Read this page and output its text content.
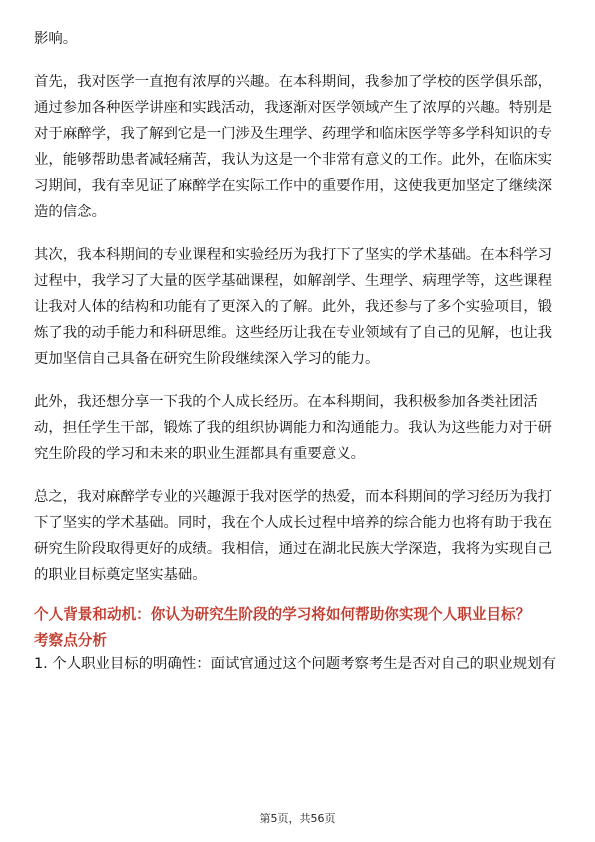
影响。

首先，我对医学一直抱有浓厚的兴趣。在本科期间，我参加了学校的医学俱乐部，通过参加各种医学讲座和实践活动，我逐渐对医学领域产生了浓厚的兴趣。特别是对于麻醉学，我了解到它是一门涉及生理学、药理学和临床医学等多学科知识的专业，能够帮助患者减轻痛苦，我认为这是一个非常有意义的工作。此外，在临床实习期间，我有幸见证了麻醉学在实际工作中的重要作用，这使我更加坚定了继续深造的信念。

其次，我本科期间的专业课程和实验经历为我打下了坚实的学术基础。在本科学习过程中，我学习了大量的医学基础课程，如解剖学、生理学、病理学等，这些课程让我对人体的结构和功能有了更深入的了解。此外，我还参与了多个实验项目，锻炼了我的动手能力和科研思维。这些经历让我在专业领域有了自己的见解，也让我更加坚信自己具备在研究生阶段继续深入学习的能力。

此外，我还想分享一下我的个人成长经历。在本科期间，我积极参加各类社团活动，担任学生干部，锻炼了我的组织协调能力和沟通能力。我认为这些能力对于研究生阶段的学习和未来的职业生涯都具有重要意义。

总之，我对麻醉学专业的兴趣源于我对医学的热爱，而本科期间的学习经历为我打下了坚实的学术基础。同时，我在个人成长过程中培养的综合能力也将有助于我在研究生阶段取得更好的成绩。我相信，通过在湖北民族大学深造，我将为实现自己的职业目标奠定坚实基础。

个人背景和动机：你认为研究生阶段的学习将如何帮助你实现个人职业目标？

考察点分析

1. 个人职业目标的明确性：面试官通过这个问题考察考生是否对自己的职业规划有

第5页，共56页
